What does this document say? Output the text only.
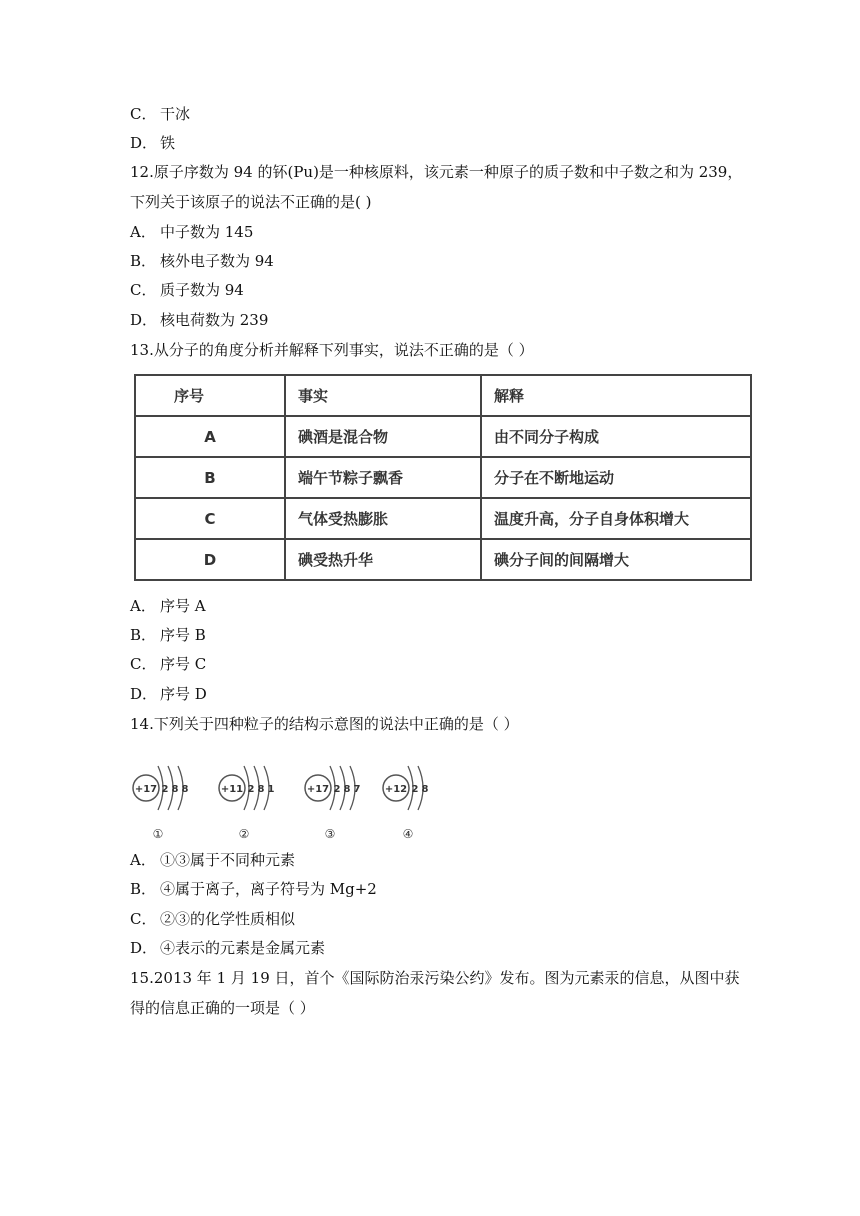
C． 干冰
D． 铁
12.原子序数为 94 的钚(Pu)是一种核原料，该元素一种原子的质子数和中子数之和为 239，
下列关于该原子的说法不正确的是( )
A． 中子数为 145
B． 核外电子数为 94
C． 质子数为 94
D． 核电荷数为 239
13.从分子的角度分析并解释下列事实，说法不正确的是（ ）
序号	事实	解释
A	碘酒是混合物	由不同分子构成
B	端午节粽子飘香	分子在不断地运动
C	气体受热膨胀	温度升高，分子自身体积增大
D	碘受热升华	碘分子间的间隔增大
A． 序号 A
B． 序号 B
C． 序号 C
D． 序号 D
14.下列关于四种粒子的结构示意图的说法中正确的是（ ）
+17 2 8 8
①
+11 2 8 1
②
+17 2 8 7
③
+12 2 8
④
A． ①③属于不同种元素
B． ④属于离子，离子符号为 Mg+2
C． ②③的化学性质相似
D． ④表示的元素是金属元素
15.2013 年 1 月 19 日，首个《国际防治汞污染公约》发布。图为元素汞的信息，从图中获
得的信息正确的一项是（ ）
